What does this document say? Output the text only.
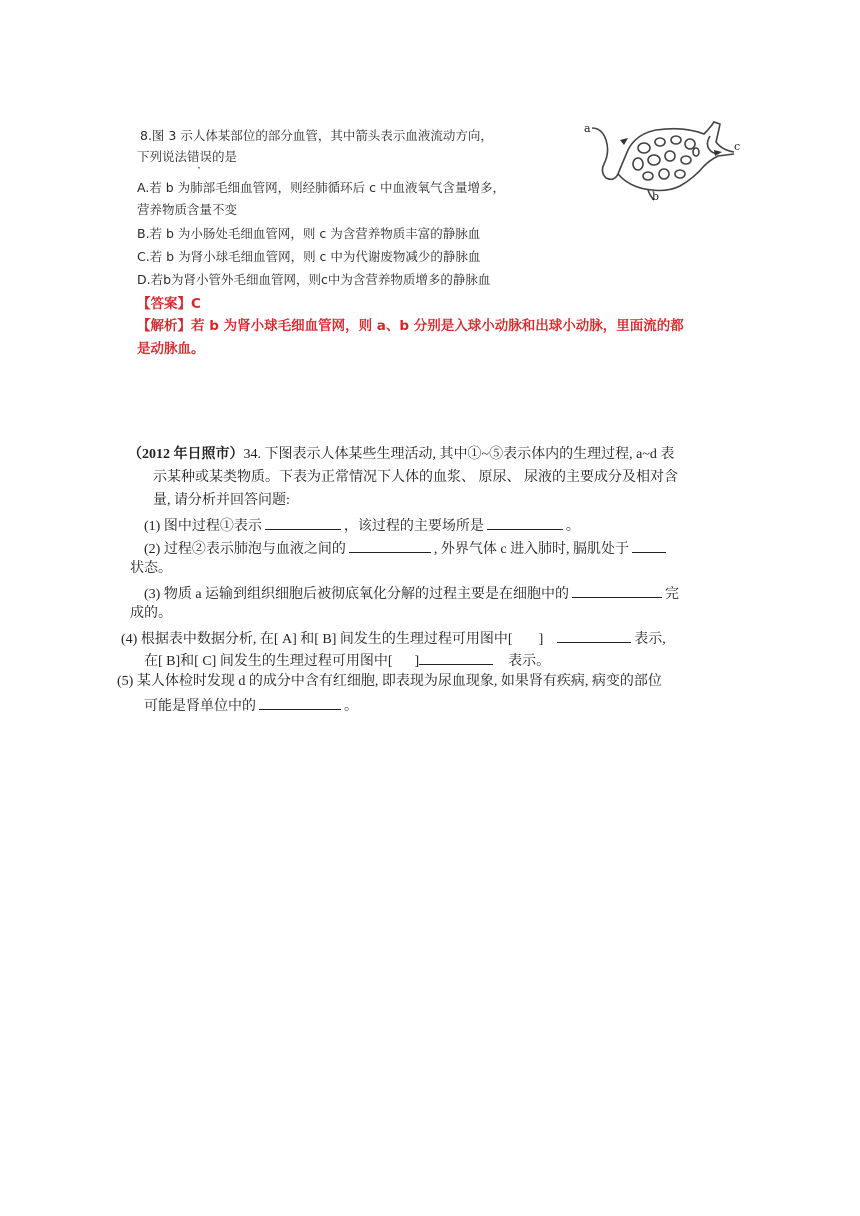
8.图 3 示人体某部位的部分血管，其中箭头表示血液流动方向，
下列说法错误的是
A.若 b 为肺部毛细血管网，则经肺循环后 c 中血液氧气含量增多，
营养物质含量不变
B.若 b 为小肠处毛细血管网，则 c 为含营养物质丰富的静脉血
C.若 b 为肾小球毛细血管网，则 c 中为代谢废物减少的静脉血
D.若b为肾小管外毛细血管网，则c中为含营养物质增多的静脉血
【答案】C
【解析】若 b 为肾小球毛细血管网，则 a、b 分别是入球小动脉和出球小动脉，里面流的都
是动脉血。
a
c
b
（2012 年日照市）34. 下图表示人体某些生理活动, 其中①~⑤表示体内的生理过程, a~d 表
示某种或某类物质。下表为正常情况下人体的血浆、 原尿、 尿液的主要成分及相对含
量, 请分析并回答问题:
(1) 图中过程①表示	，该过程的主要场所是	。
(2) 过程②表示肺泡与血液之间的	, 外界气体 c 进入肺时, 膈肌处于
状态。
(3) 物质 a 运输到组织细胞后被彻底氧化分解的过程主要是在细胞中的	完
成的。
(4) 根据表中数据分析, 在[ A] 和[ B] 间发生的生理过程可用图中[ ]	表示,
在[ B]和[ C] 间发生的生理过程可用图中[ ]	表示。
(5) 某人体检时发现 d 的成分中含有红细胞, 即表现为尿血现象, 如果肾有疾病, 病变的部位
可能是肾单位中的	。
